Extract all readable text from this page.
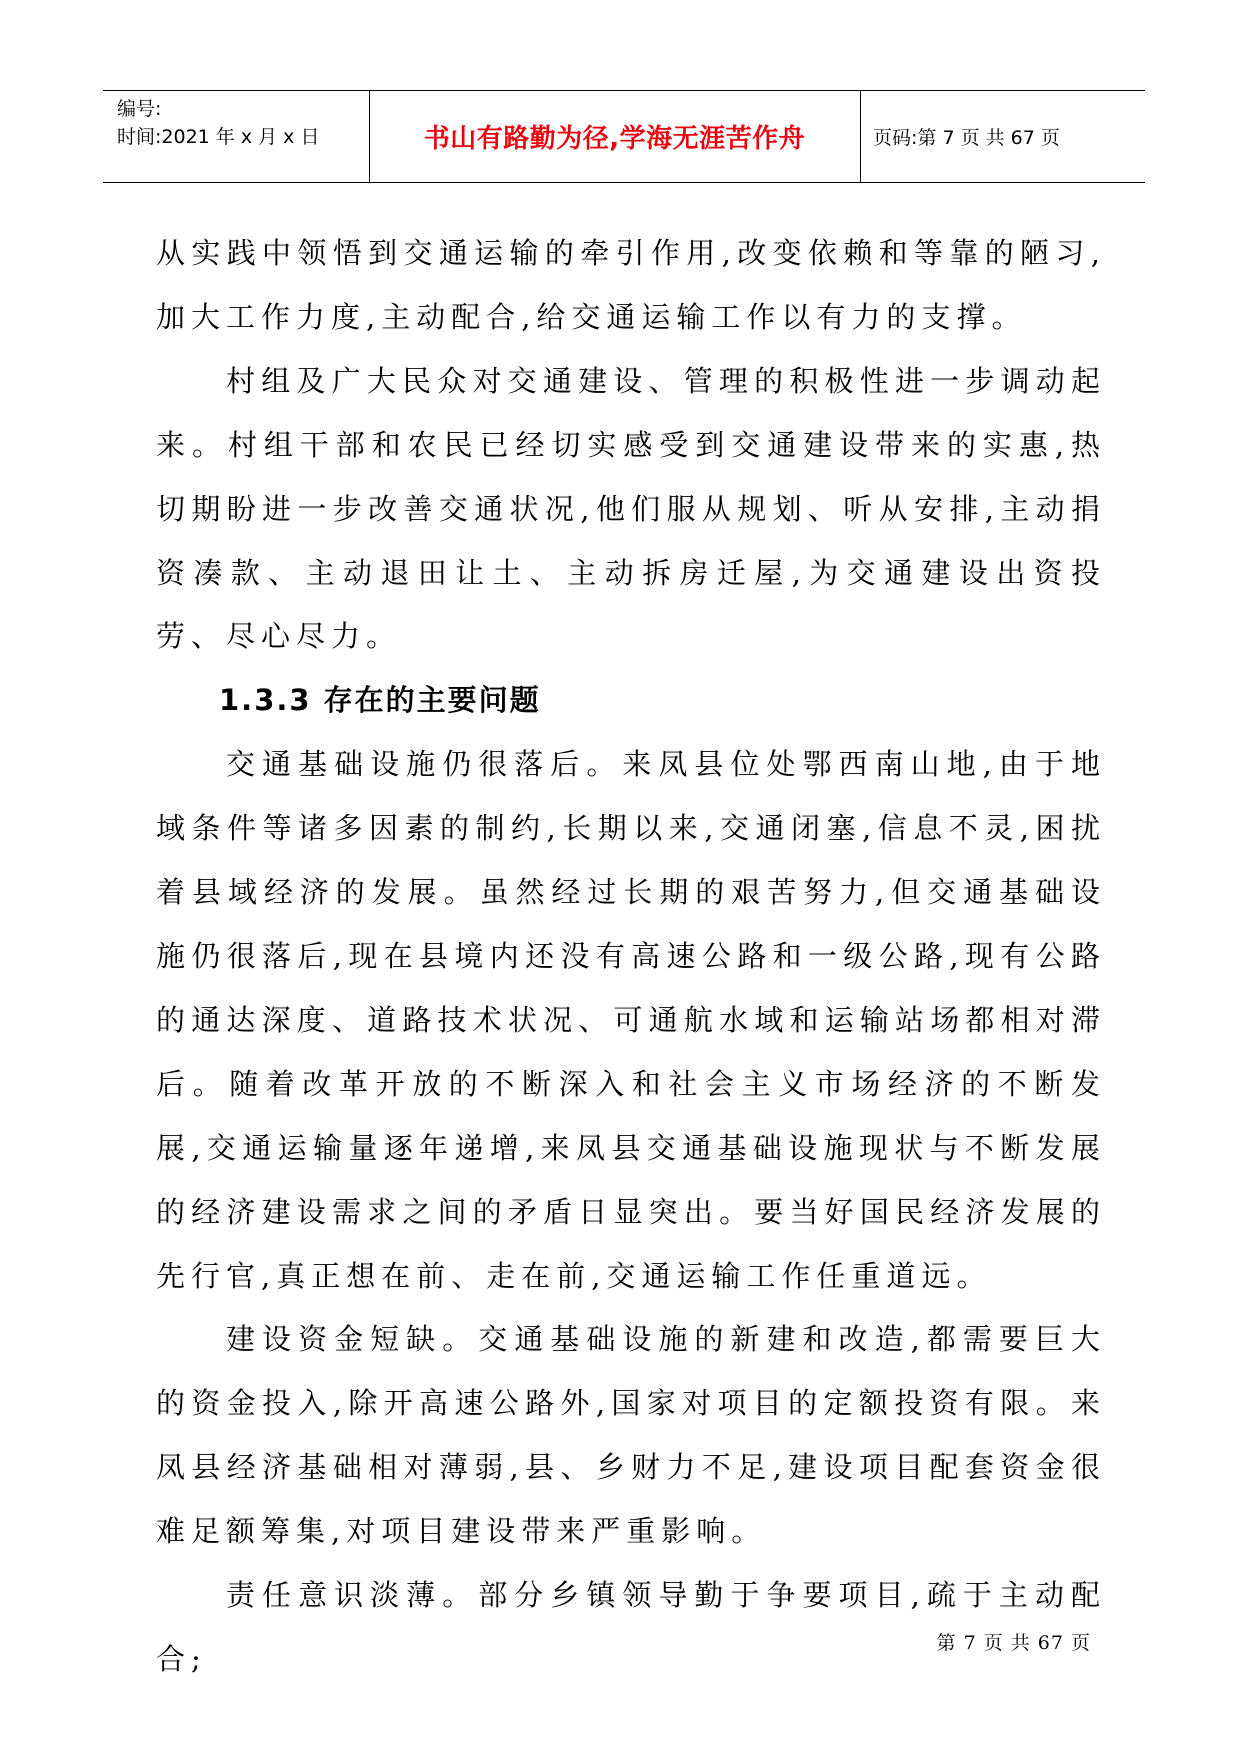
编号:
时间:2021 年 x 月 x 日	书山有路勤为径,学海无涯苦作舟	页码:第 7 页 共 67 页

从实践中领悟到交通运输的牵引作用,改变依赖和等靠的陋习,加大工作力度,主动配合,给交通运输工作以有力的支撑。

村组及广大民众对交通建设、管理的积极性进一步调动起来。村组干部和农民已经切实感受到交通建设带来的实惠,热切期盼进一步改善交通状况,他们服从规划、听从安排,主动捐资凑款、主动退田让土、主动拆房迁屋,为交通建设出资投劳、尽心尽力。

1.3.3 存在的主要问题

交通基础设施仍很落后。来凤县位处鄂西南山地,由于地域条件等诸多因素的制约,长期以来,交通闭塞,信息不灵,困扰着县域经济的发展。虽然经过长期的艰苦努力,但交通基础设施仍很落后,现在县境内还没有高速公路和一级公路,现有公路的通达深度、道路技术状况、可通航水域和运输站场都相对滞后。随着改革开放的不断深入和社会主义市场经济的不断发展,交通运输量逐年递增,来凤县交通基础设施现状与不断发展的经济建设需求之间的矛盾日显突出。要当好国民经济发展的先行官,真正想在前、走在前,交通运输工作任重道远。

建设资金短缺。交通基础设施的新建和改造,都需要巨大的资金投入,除开高速公路外,国家对项目的定额投资有限。来凤县经济基础相对薄弱,县、乡财力不足,建设项目配套资金很难足额筹集,对项目建设带来严重影响。

责任意识淡薄。部分乡镇领导勤于争要项目,疏于主动配合;	第 7 页 共 67 页
